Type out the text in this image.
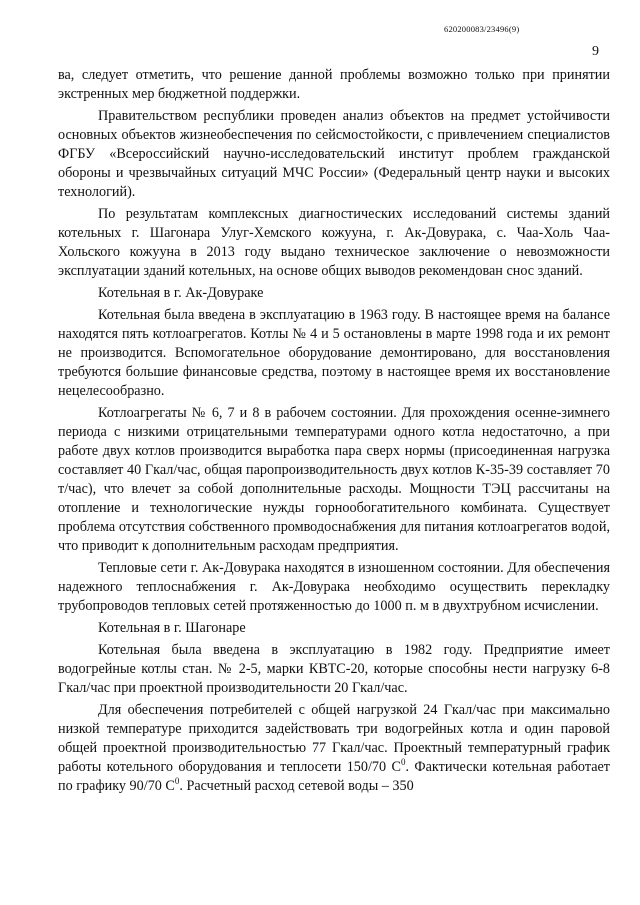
620200083/23496(9)
9

ва, следует отметить, что решение данной проблемы возможно только при принятии экстренных мер бюджетной поддержки.

Правительством республики проведен анализ объектов на предмет устойчивости основных объектов жизнеобеспечения по сейсмостойкости, с привлечением специалистов ФГБУ «Всероссийский научно-исследовательский институт проблем гражданской обороны и чрезвычайных ситуаций МЧС России» (Федеральный центр науки и высоких технологий).

По результатам комплексных диагностических исследований системы зданий котельных г. Шагонара Улуг-Хемского кожууна, г. Ак-Довурака, с. Чаа-Холь Чаа-Хольского кожууна в 2013 году выдано техническое заключение о невозможности эксплуатации зданий котельных, на основе общих выводов рекомендован снос зданий.

Котельная в г. Ак-Довураке

Котельная была введена в эксплуатацию в 1963 году. В настоящее время на балансе находятся пять котлоагрегатов. Котлы № 4 и 5 остановлены в марте 1998 года и их ремонт не производится. Вспомогательное оборудование демонтировано, для восстановления требуются большие финансовые средства, поэтому в настоящее время их восстановление нецелесообразно.

Котлоагрегаты № 6, 7 и 8 в рабочем состоянии. Для прохождения осенне-зимнего периода с низкими отрицательными температурами одного котла недостаточно, а при работе двух котлов производится выработка пара сверх нормы (присоединенная нагрузка составляет 40 Гкал/час, общая паропроизводительность двух котлов К-35-39 составляет 70 т/час), что влечет за собой дополнительные расходы. Мощности ТЭЦ рассчитаны на отопление и технологические нужды горнообогатительного комбината. Существует проблема отсутствия собственного промводоснабжения для питания котлоагрегатов водой, что приводит к дополнительным расходам предприятия.

Тепловые сети г. Ак-Довурака находятся в изношенном состоянии. Для обеспечения надежного теплоснабжения г. Ак-Довурака необходимо осуществить перекладку трубопроводов тепловых сетей протяженностью до 1000 п. м в двухтрубном исчислении.

Котельная в г. Шагонаре

Котельная была введена в эксплуатацию в 1982 году. Предприятие имеет водогрейные котлы стан. № 2-5, марки КВТС-20, которые способны нести нагрузку 6-8 Гкал/час при проектной производительности 20 Гкал/час.

Для обеспечения потребителей с общей нагрузкой 24 Гкал/час при максимально низкой температуре приходится задействовать три водогрейных котла и один паровой общей проектной производительностью 77 Гкал/час. Проектный температурный график работы котельного оборудования и теплосети 150/70 $С^0$. Фактически котельная работает по графику 90/70 $С^0$. Расчетный расход сетевой воды – 350
